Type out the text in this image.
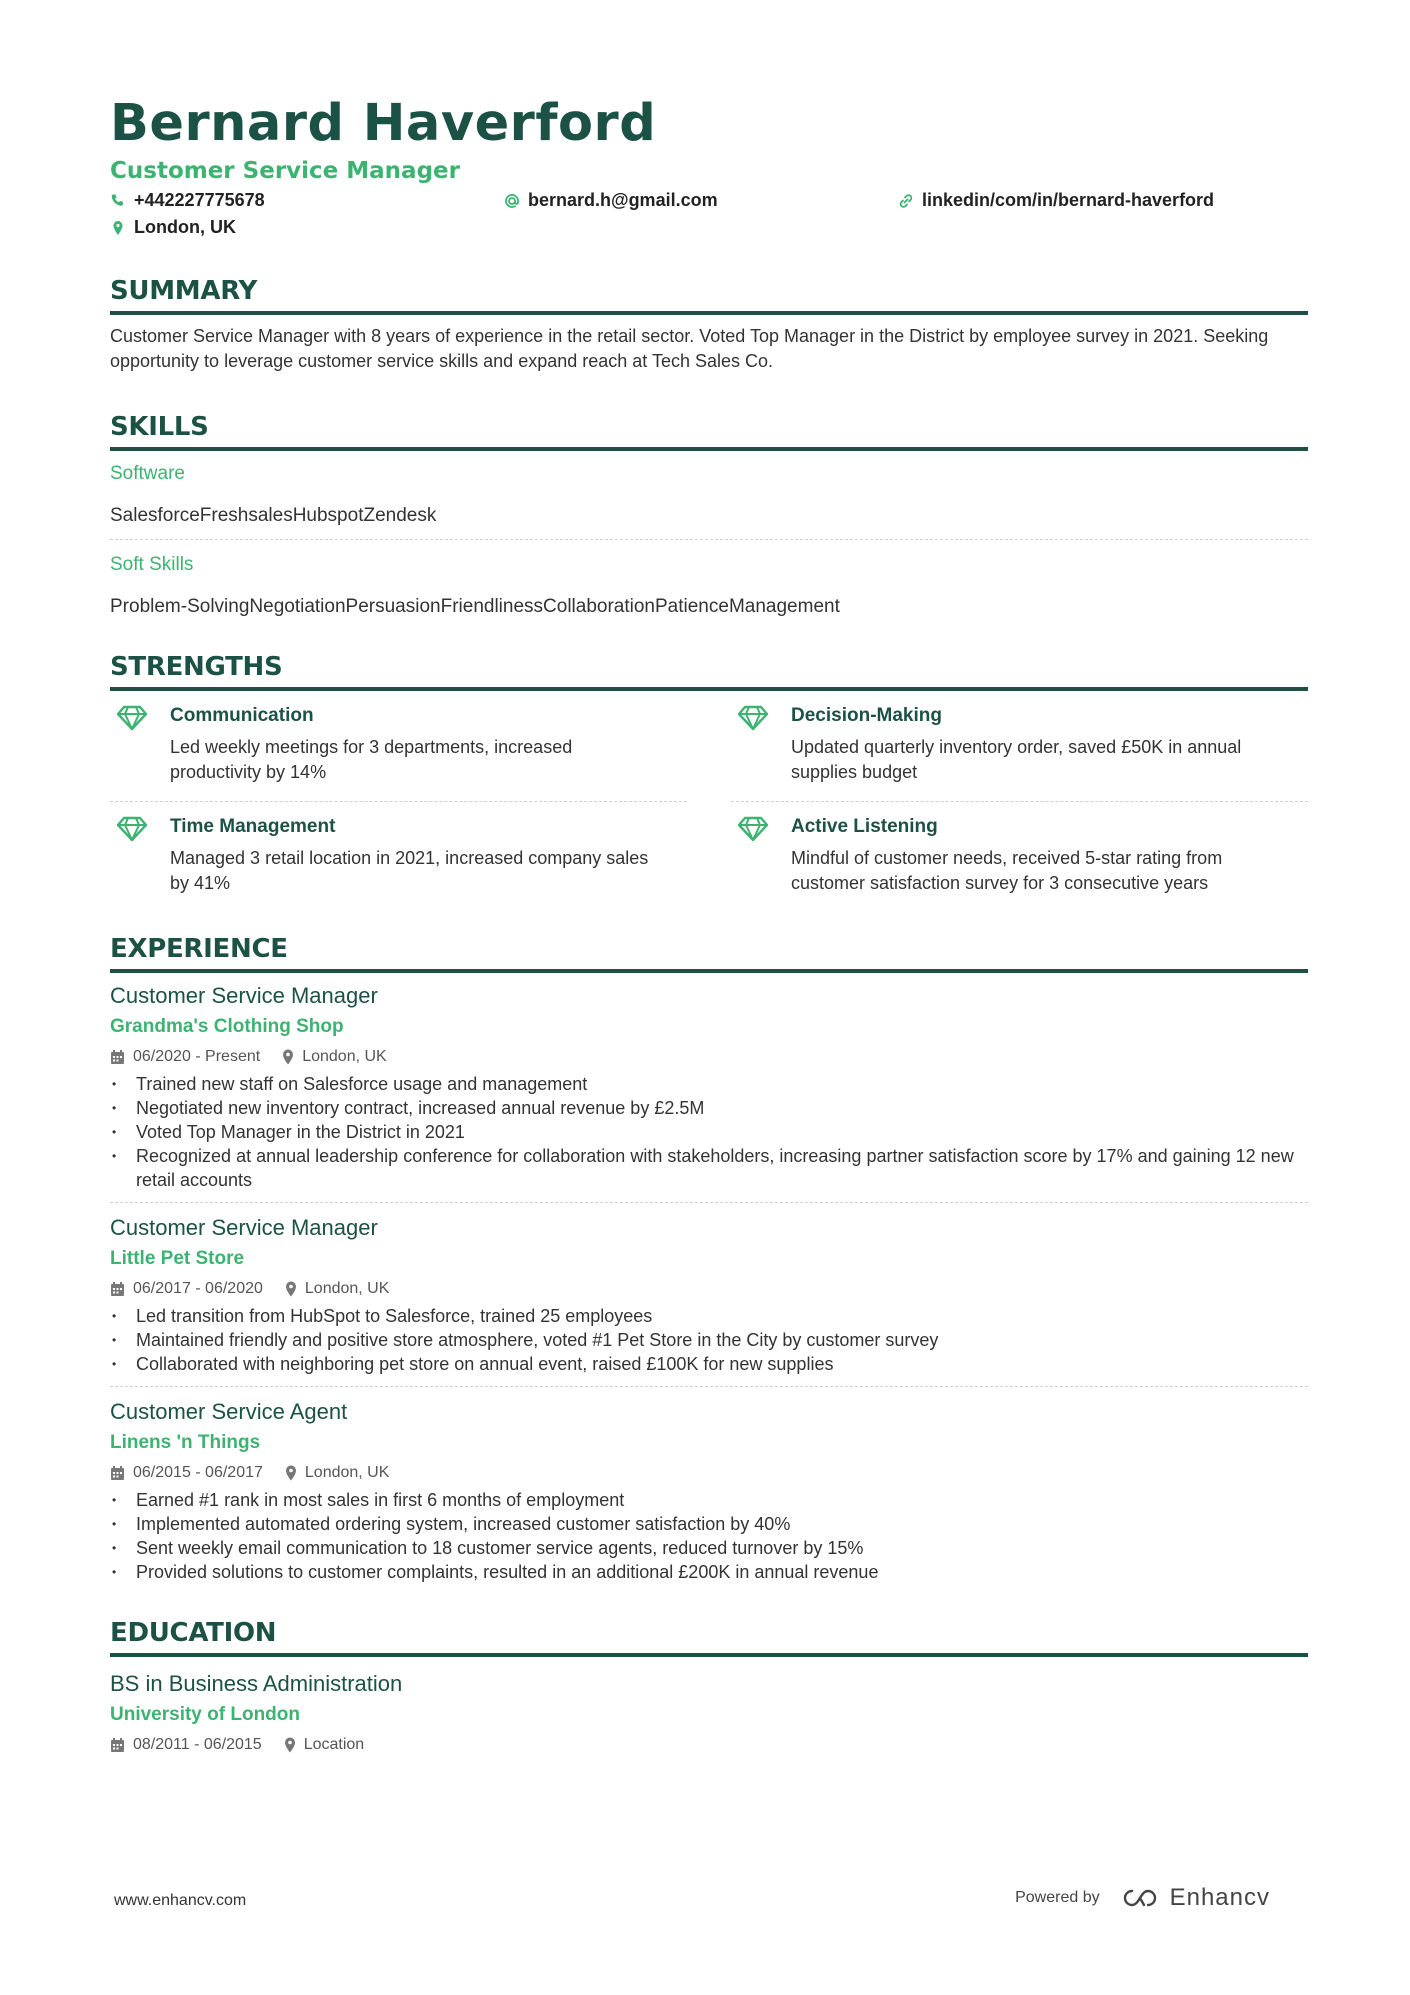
Bernard Haverford
Customer Service Manager
+442227775678	bernard.h@gmail.com	linkedin/com/in/bernard-haverford
London, UK
SUMMARY
Customer Service Manager with 8 years of experience in the retail sector. Voted Top Manager in the District by employee survey in 2021. Seeking opportunity to leverage customer service skills and expand reach at Tech Sales Co.
SKILLS
Software
SalesforceFreshsalesHubspotZendesk
Soft Skills
Problem-SolvingNegotiationPersuasionFriendlinessCollaborationPatienceManagement
STRENGTHS
Communication
Led weekly meetings for 3 departments, increased productivity by 14%
Decision-Making
Updated quarterly inventory order, saved £50K in annual supplies budget
Time Management
Managed 3 retail location in 2021, increased company sales by 41%
Active Listening
Mindful of customer needs, received 5-star rating from customer satisfaction survey for 3 consecutive years
EXPERIENCE
Customer Service Manager
Grandma's Clothing Shop
06/2020 - Present	London, UK
• Trained new staff on Salesforce usage and management
• Negotiated new inventory contract, increased annual revenue by £2.5M
• Voted Top Manager in the District in 2021
• Recognized at annual leadership conference for collaboration with stakeholders, increasing partner satisfaction score by 17% and gaining 12 new retail accounts
Customer Service Manager
Little Pet Store
06/2017 - 06/2020	London, UK
• Led transition from HubSpot to Salesforce, trained 25 employees
• Maintained friendly and positive store atmosphere, voted #1 Pet Store in the City by customer survey
• Collaborated with neighboring pet store on annual event, raised £100K for new supplies
Customer Service Agent
Linens 'n Things
06/2015 - 06/2017	London, UK
• Earned #1 rank in most sales in first 6 months of employment
• Implemented automated ordering system, increased customer satisfaction by 40%
• Sent weekly email communication to 18 customer service agents, reduced turnover by 15%
• Provided solutions to customer complaints, resulted in an additional £200K in annual revenue
EDUCATION
BS in Business Administration
University of London
08/2011 - 06/2015	Location
www.enhancv.com	Powered by	Enhancv
